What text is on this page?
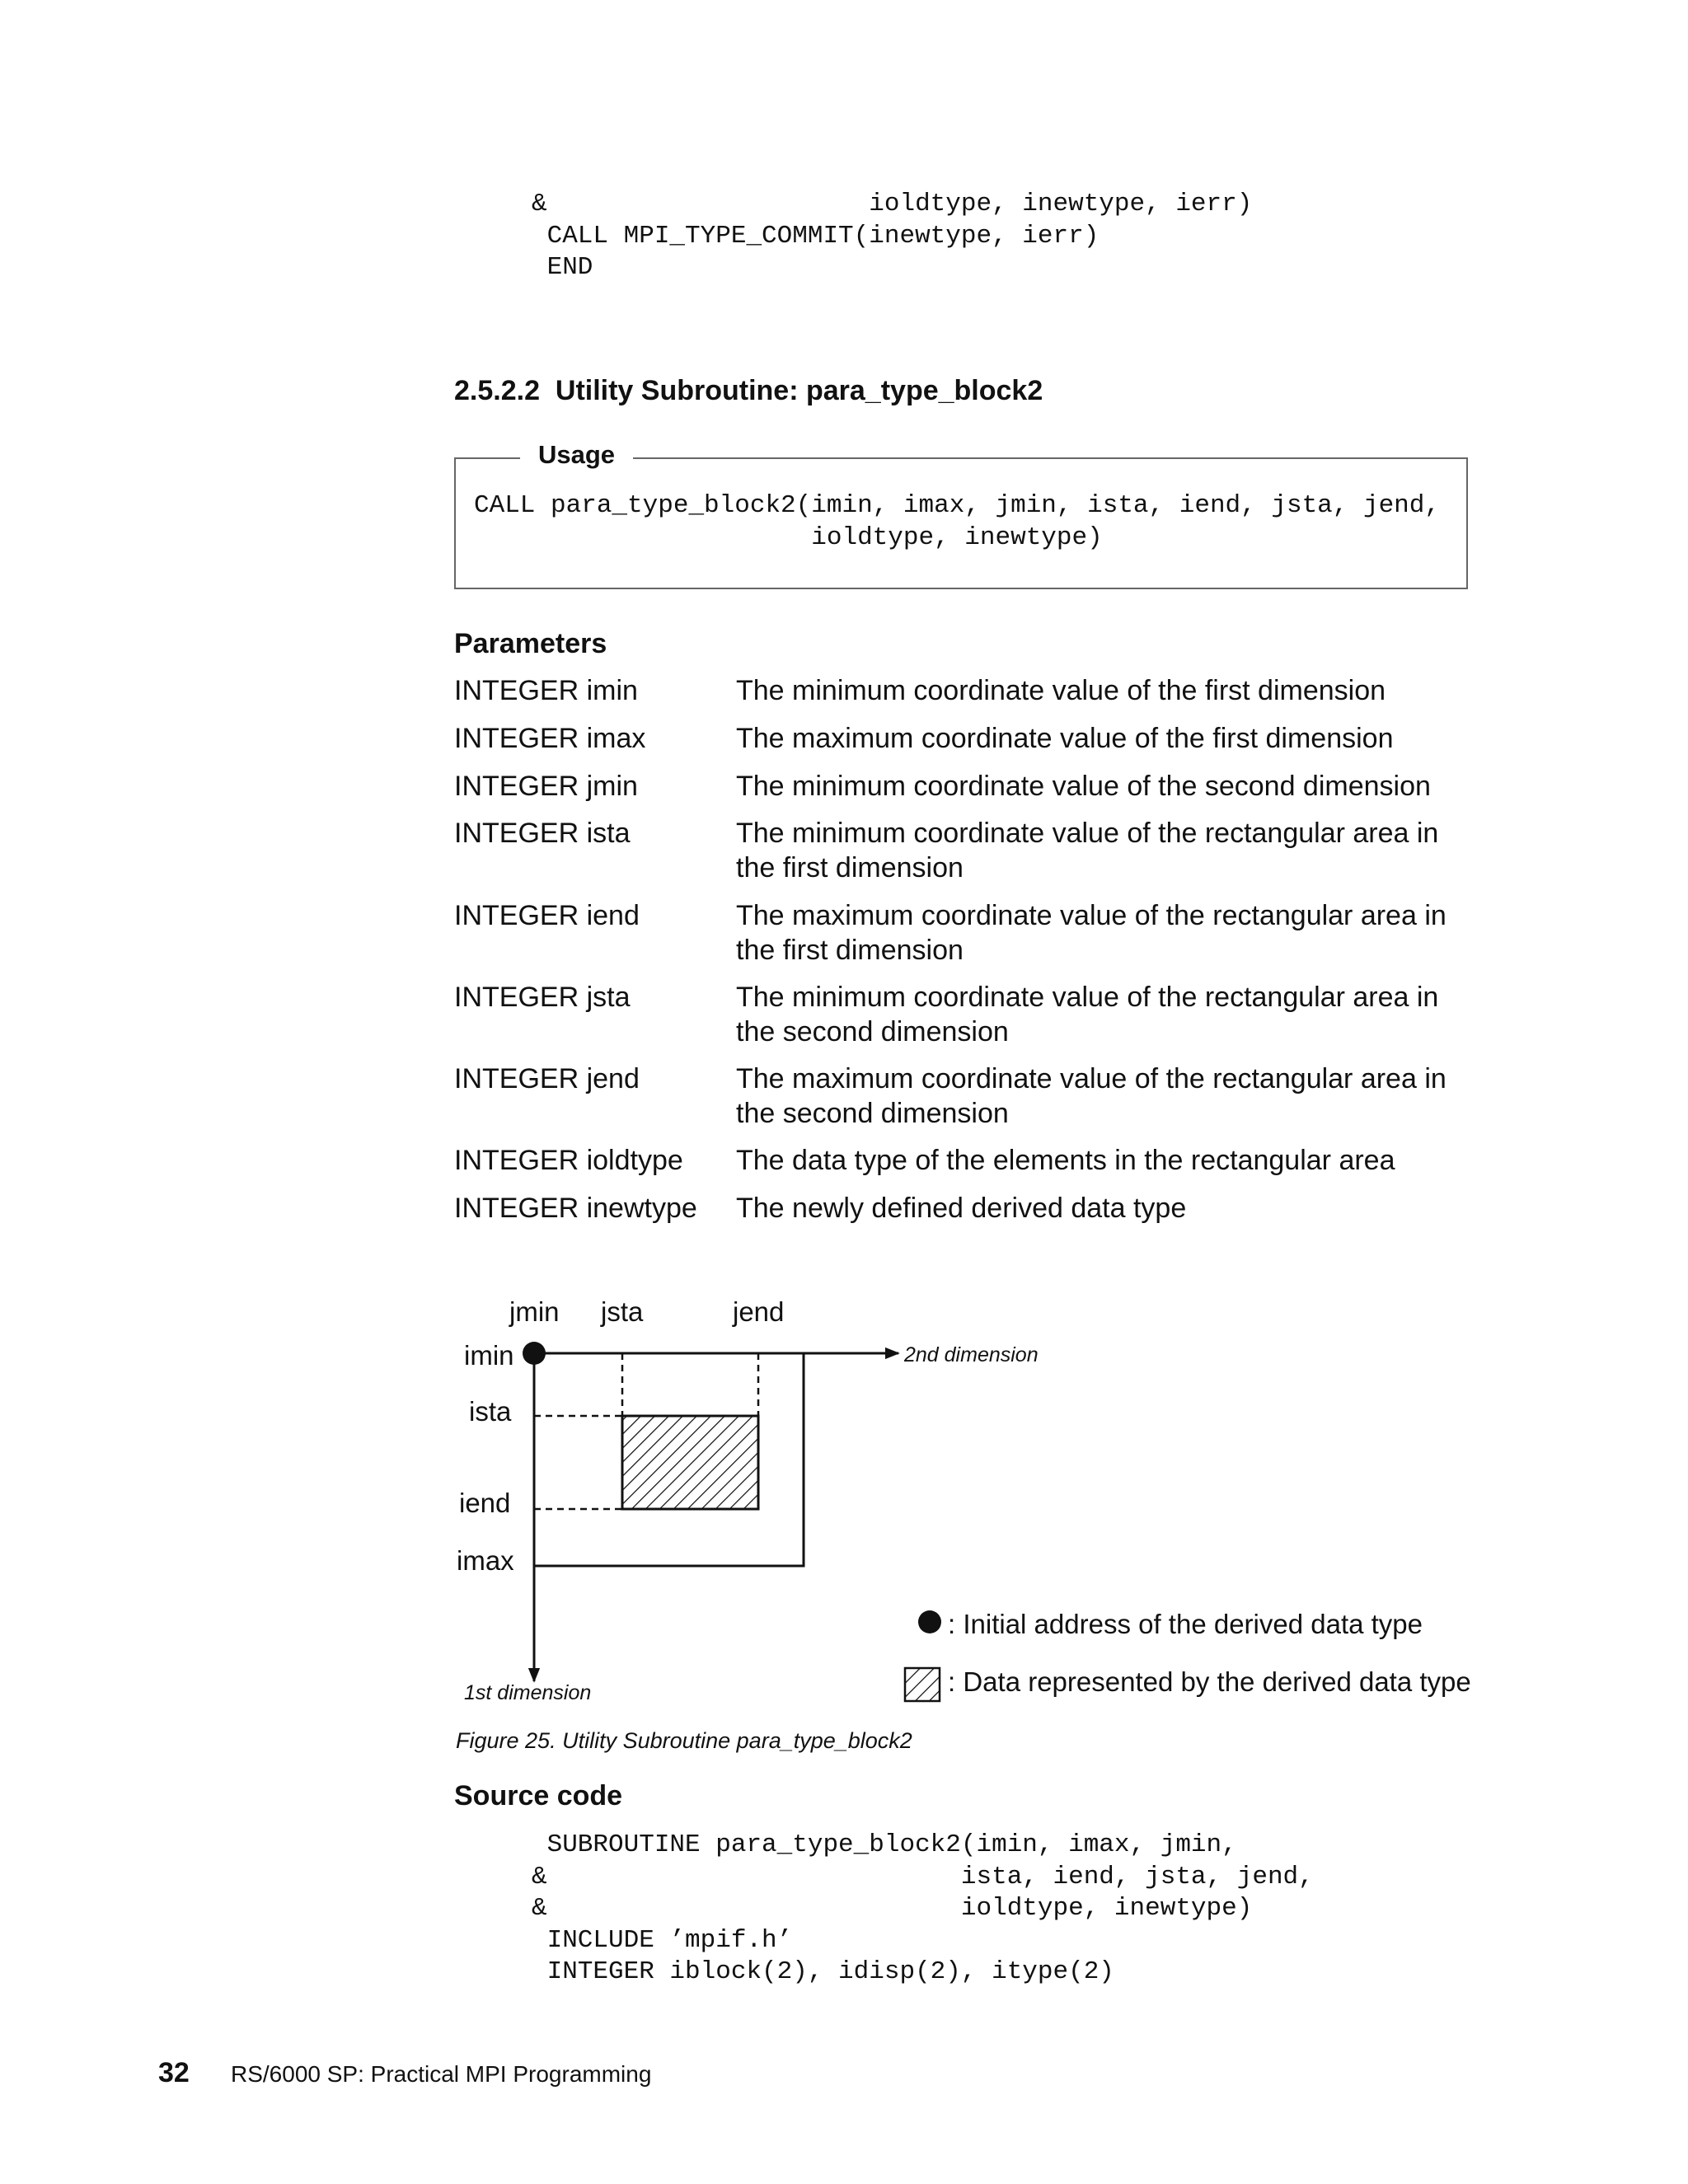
&                     ioldtype, inewtype, ierr)
CALL MPI_TYPE_COMMIT(inewtype, ierr)
END
2.5.2.2 Utility Subroutine: para_type_block2
Usage
CALL para_type_block2(imin, imax, jmin, ista, iend, jsta, jend,
ioldtype, inewtype)
Parameters
INTEGER imin	The minimum coordinate value of the first dimension
INTEGER imax	The maximum coordinate value of the first dimension
INTEGER jmin	The minimum coordinate value of the second dimension
INTEGER ista	The minimum coordinate value of the rectangular area in the first dimension
INTEGER iend	The maximum coordinate value of the rectangular area in the first dimension
INTEGER jsta	The minimum coordinate value of the rectangular area in the second dimension
INTEGER jend	The maximum coordinate value of the rectangular area in the second dimension
INTEGER ioldtype	The data type of the elements in the rectangular area
INTEGER inewtype	The newly defined derived data type
jmin jsta	jend
imin
ista
iend
imax
2nd dimension
1st dimension
: Initial address of the derived data type
: Data represented by the derived data type
Figure 25. Utility Subroutine para_type_block2
Source code
SUBROUTINE para_type_block2(imin, imax, jmin,
&                           ista, iend, jsta, jend,
&                           ioldtype, inewtype)
INCLUDE ’mpif.h’
INTEGER iblock(2), idisp(2), itype(2)
32 RS/6000 SP: Practical MPI Programming
